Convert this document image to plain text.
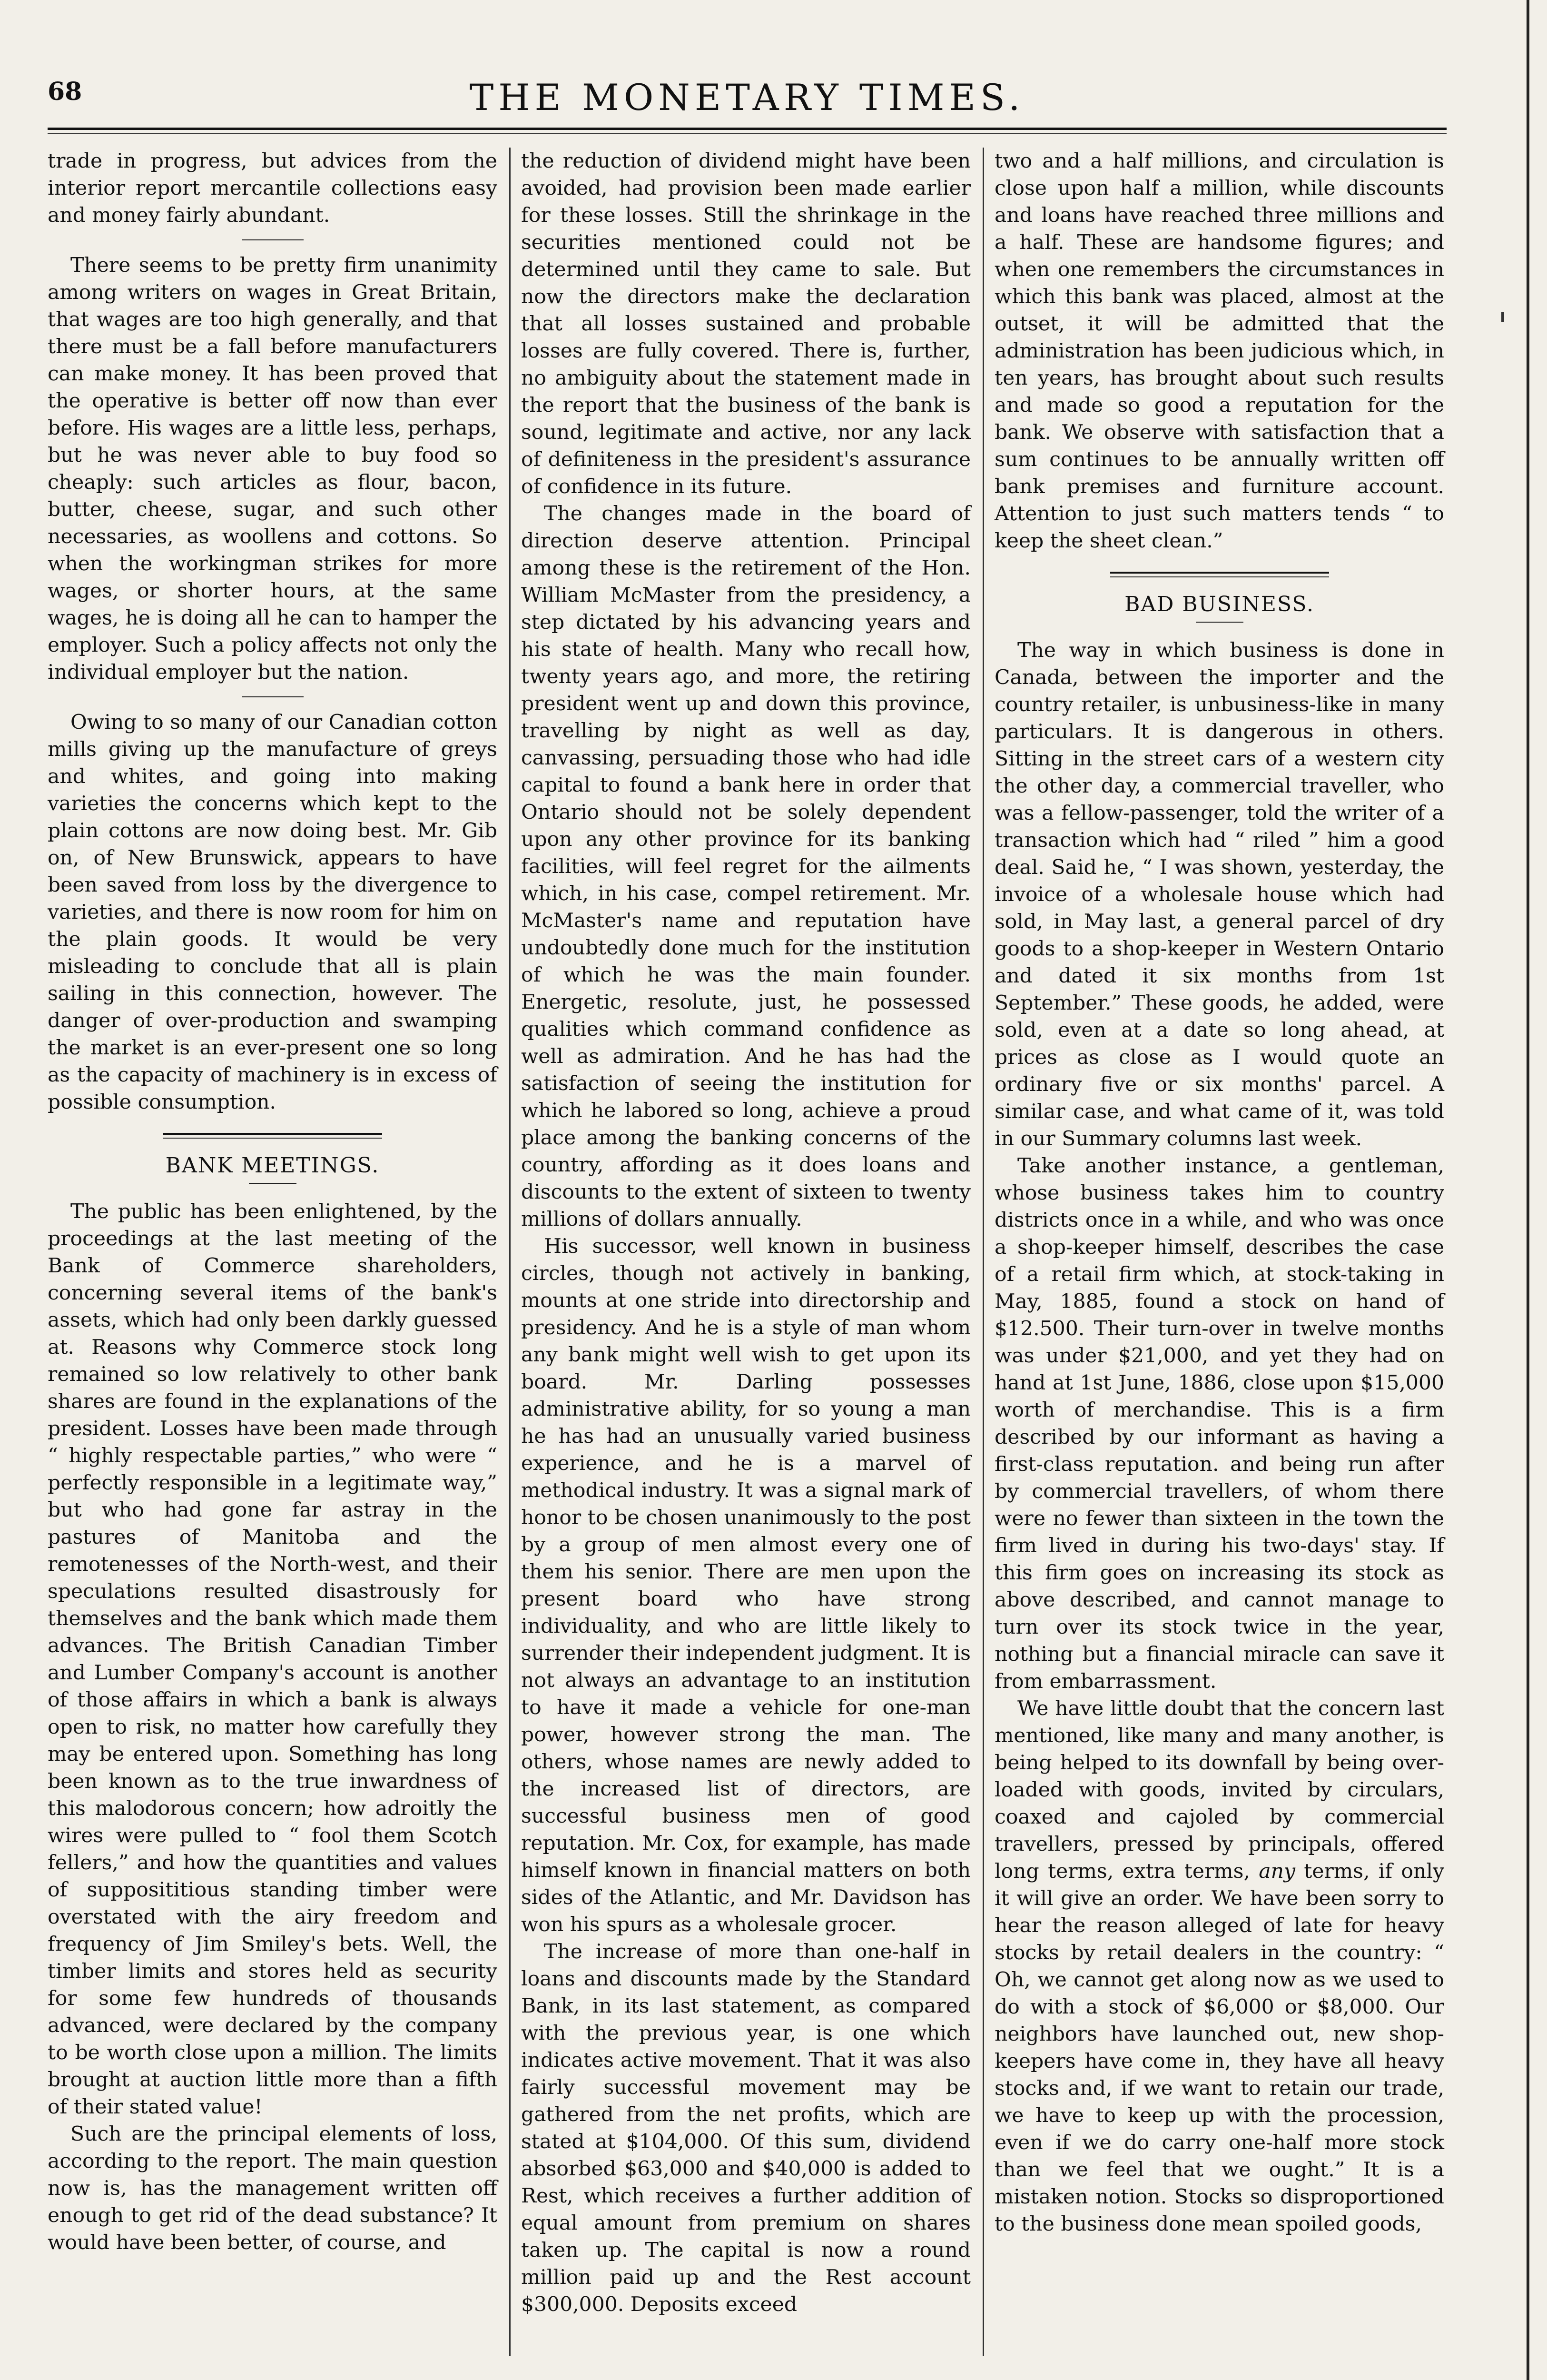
68	THE MONETARY TIMES.

trade in progress, but advices from the interior report mercantile collections easy and money fairly abundant.

There seems to be pretty firm unanimity among writers on wages in Great Britain, that wages are too high generally, and that there must be a fall before manufacturers can make money. It has been proved that the operative is better off now than ever before. His wages are a little less, perhaps, but he was never able to buy food so cheaply: such articles as flour, bacon, butter, cheese, sugar, and such other necessaries, as woollens and cottons. So when the workingman strikes for more wages, or shorter hours, at the same wages, he is doing all he can to hamper the employer. Such a policy affects not only the individual employer but the nation.

Owing to so many of our Canadian cotton mills giving up the manufacture of greys and whites, and going into making varieties the concerns which kept to the plain cottons are now doing best. Mr. Gib on, of New Brunswick, appears to have been saved from loss by the divergence to varieties, and there is now room for him on the plain goods. It would be very misleading to conclude that all is plain sailing in this connection, however. The danger of over-production and swamping the market is an ever-present one so long as the capacity of machinery is in excess of possible consumption.

BANK MEETINGS.

The public has been enlightened, by the proceedings at the last meeting of the Bank of Commerce shareholders, concerning several items of the bank's assets, which had only been darkly guessed at. Reasons why Commerce stock long remained so low relatively to other bank shares are found in the explanations of the president. Losses have been made through “ highly respectable parties,” who were “ perfectly responsible in a legitimate way,” but who had gone far astray in the pastures of Manitoba and the remotenesses of the North-west, and their speculations resulted disastrously for themselves and the bank which made them advances. The British Canadian Timber and Lumber Company's account is another of those affairs in which a bank is always open to risk, no matter how carefully they may be entered upon. Something has long been known as to the true inwardness of this malodorous concern; how adroitly the wires were pulled to “ fool them Scotch fellers,” and how the quantities and values of supposititious standing timber were overstated with the airy freedom and frequency of Jim Smiley's bets. Well, the timber limits and stores held as security for some few hundreds of thousands advanced, were declared by the company to be worth close upon a million. The limits brought at auction little more than a fifth of their stated value!

Such are the principal elements of loss, according to the report. The main question now is, has the management written off enough to get rid of the dead substance? It would have been better, of course, and

the reduction of dividend might have been avoided, had provision been made earlier for these losses. Still the shrinkage in the securities mentioned could not be determined until they came to sale. But now the directors make the declaration that all losses sustained and probable losses are fully covered. There is, further, no ambiguity about the statement made in the report that the business of the bank is sound, legitimate and active, nor any lack of definiteness in the president's assurance of confidence in its future.

The changes made in the board of direction deserve attention. Principal among these is the retirement of the Hon. William McMaster from the presidency, a step dictated by his advancing years and his state of health. Many who recall how, twenty years ago, and more, the retiring president went up and down this province, travelling by night as well as day, canvassing, persuading those who had idle capital to found a bank here in order that Ontario should not be solely dependent upon any other province for its banking facilities, will feel regret for the ailments which, in his case, compel retirement. Mr. McMaster's name and reputation have undoubtedly done much for the institution of which he was the main founder. Energetic, resolute, just, he possessed qualities which command confidence as well as admiration. And he has had the satisfaction of seeing the institution for which he labored so long, achieve a proud place among the banking concerns of the country, affording as it does loans and discounts to the extent of sixteen to twenty millions of dollars annually.

His successor, well known in business circles, though not actively in banking, mounts at one stride into directorship and presidency. And he is a style of man whom any bank might well wish to get upon its board. Mr. Darling possesses administrative ability, for so young a man he has had an unusually varied business experience, and he is a marvel of methodical industry. It was a signal mark of honor to be chosen unanimously to the post by a group of men almost every one of them his senior. There are men upon the present board who have strong individuality, and who are little likely to surrender their independent judgment. It is not always an advantage to an institution to have it made a vehicle for one-man power, however strong the man. The others, whose names are newly added to the increased list of directors, are successful business men of good reputation. Mr. Cox, for example, has made himself known in financial matters on both sides of the Atlantic, and Mr. Davidson has won his spurs as a wholesale grocer.

The increase of more than one-half in loans and discounts made by the Standard Bank, in its last statement, as compared with the previous year, is one which indicates active movement. That it was also fairly successful movement may be gathered from the net profits, which are stated at $104,000. Of this sum, dividend absorbed $63,000 and $40,000 is added to Rest, which receives a further addition of equal amount from premium on shares taken up. The capital is now a round million paid up and the Rest account $300,000. Deposits exceed

two and a half millions, and circulation is close upon half a million, while discounts and loans have reached three millions and a half. These are handsome figures; and when one remembers the circumstances in which this bank was placed, almost at the outset, it will be admitted that the administration has been judicious which, in ten years, has brought about such results and made so good a reputation for the bank. We observe with satisfaction that a sum continues to be annually written off bank premises and furniture account. Attention to just such matters tends “ to keep the sheet clean.”

BAD BUSINESS.

The way in which business is done in Canada, between the importer and the country retailer, is unbusiness-like in many particulars. It is dangerous in others. Sitting in the street cars of a western city the other day, a commercial traveller, who was a fellow-passenger, told the writer of a transaction which had “ riled ” him a good deal. Said he, “ I was shown, yesterday, the invoice of a wholesale house which had sold, in May last, a general parcel of dry goods to a shop-keeper in Western Ontario and dated it six months from 1st September.” These goods, he added, were sold, even at a date so long ahead, at prices as close as I would quote an ordinary five or six months' parcel. A similar case, and what came of it, was told in our Summary columns last week.

Take another instance, a gentleman, whose business takes him to country districts once in a while, and who was once a shop-keeper himself, describes the case of a retail firm which, at stock-taking in May, 1885, found a stock on hand of $12.500. Their turn-over in twelve months was under $21,000, and yet they had on hand at 1st June, 1886, close upon $15,000 worth of merchandise. This is a firm described by our informant as having a first-class reputation. and being run after by commercial travellers, of whom there were no fewer than sixteen in the town the firm lived in during his two-days' stay. If this firm goes on increasing its stock as above described, and cannot manage to turn over its stock twice in the year, nothing but a financial miracle can save it from embarrassment.

We have little doubt that the concern last mentioned, like many and many another, is being helped to its downfall by being over-loaded with goods, invited by circulars, coaxed and cajoled by commercial travellers, pressed by principals, offered long terms, extra terms, any terms, if only it will give an order. We have been sorry to hear the reason alleged of late for heavy stocks by retail dealers in the country: “ Oh, we cannot get along now as we used to do with a stock of $6,000 or $8,000. Our neighbors have launched out, new shop-keepers have come in, they have all heavy stocks and, if we want to retain our trade, we have to keep up with the procession, even if we do carry one-half more stock than we feel that we ought.” It is a mistaken notion. Stocks so disproportioned to the business done mean spoiled goods,
